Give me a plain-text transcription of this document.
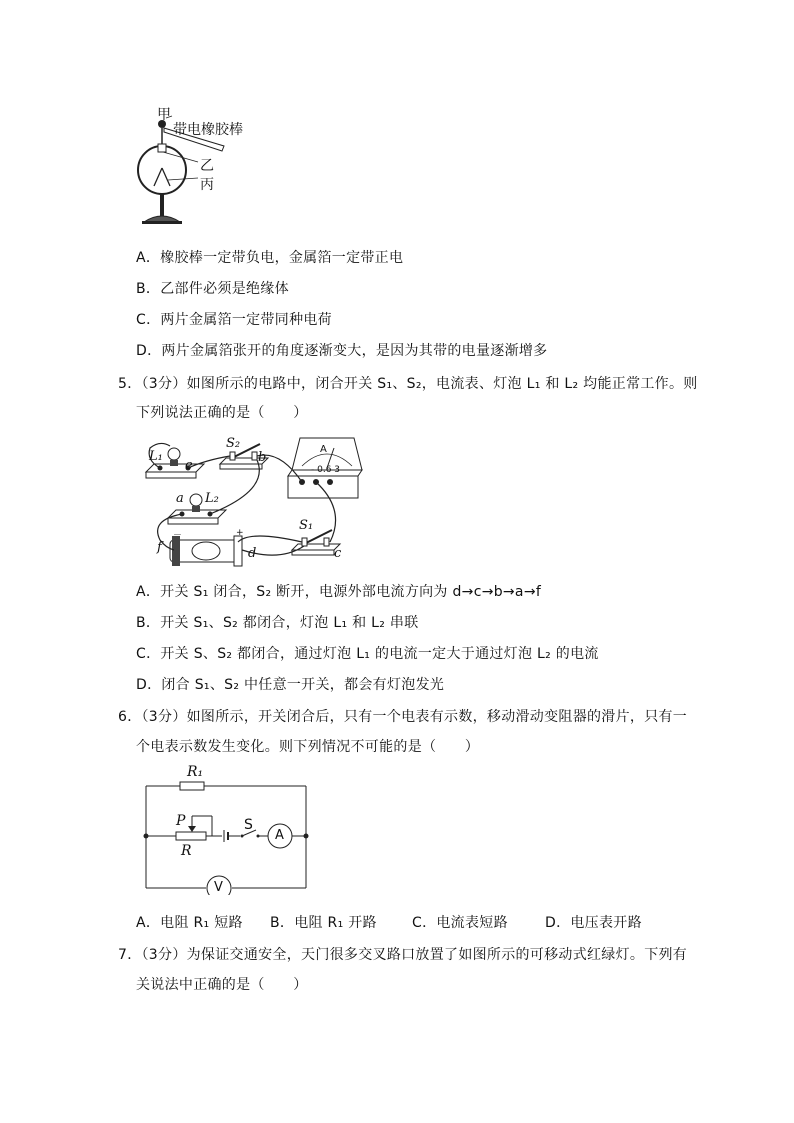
甲
带电橡胶棒
乙
丙
A．橡胶棒一定带负电，金属箔一定带正电
B．乙部件必须是绝缘体
C．两片金属箔一定带同种电荷
D．两片金属箔张开的角度逐渐变大，是因为其带的电量逐渐增多
5．（3分）如图所示的电路中，闭合开关 S₁、S₂，电流表、灯泡 L₁ 和 L₂ 均能正常工作。则
下列说法正确的是（　　）
L₁
e
S₂
b
A
- 0.6 3
a L₂
S₁
f	d	c
－	+
A．开关 S₁ 闭合，S₂ 断开，电源外部电流方向为 d→c→b→a→f
B．开关 S₁、S₂ 都闭合，灯泡 L₁ 和 L₂ 串联
C．开关 S、S₂ 都闭合，通过灯泡 L₁ 的电流一定大于通过灯泡 L₂ 的电流
D．闭合 S₁、S₂ 中任意一开关，都会有灯泡发光
6．（3分）如图所示，开关闭合后，只有一个电表有示数，移动滑动变阻器的滑片，只有一
个电表示数发生变化。则下列情况不可能的是（　　）
R₁
P
R
S
A
V
A．电阻 R₁ 短路 B．电阻 R₁ 开路	C．电流表短路	D．电压表开路
7．（3分）为保证交通安全，天门很多交叉路口放置了如图所示的可移动式红绿灯。下列有
关说法中正确的是（　　）
